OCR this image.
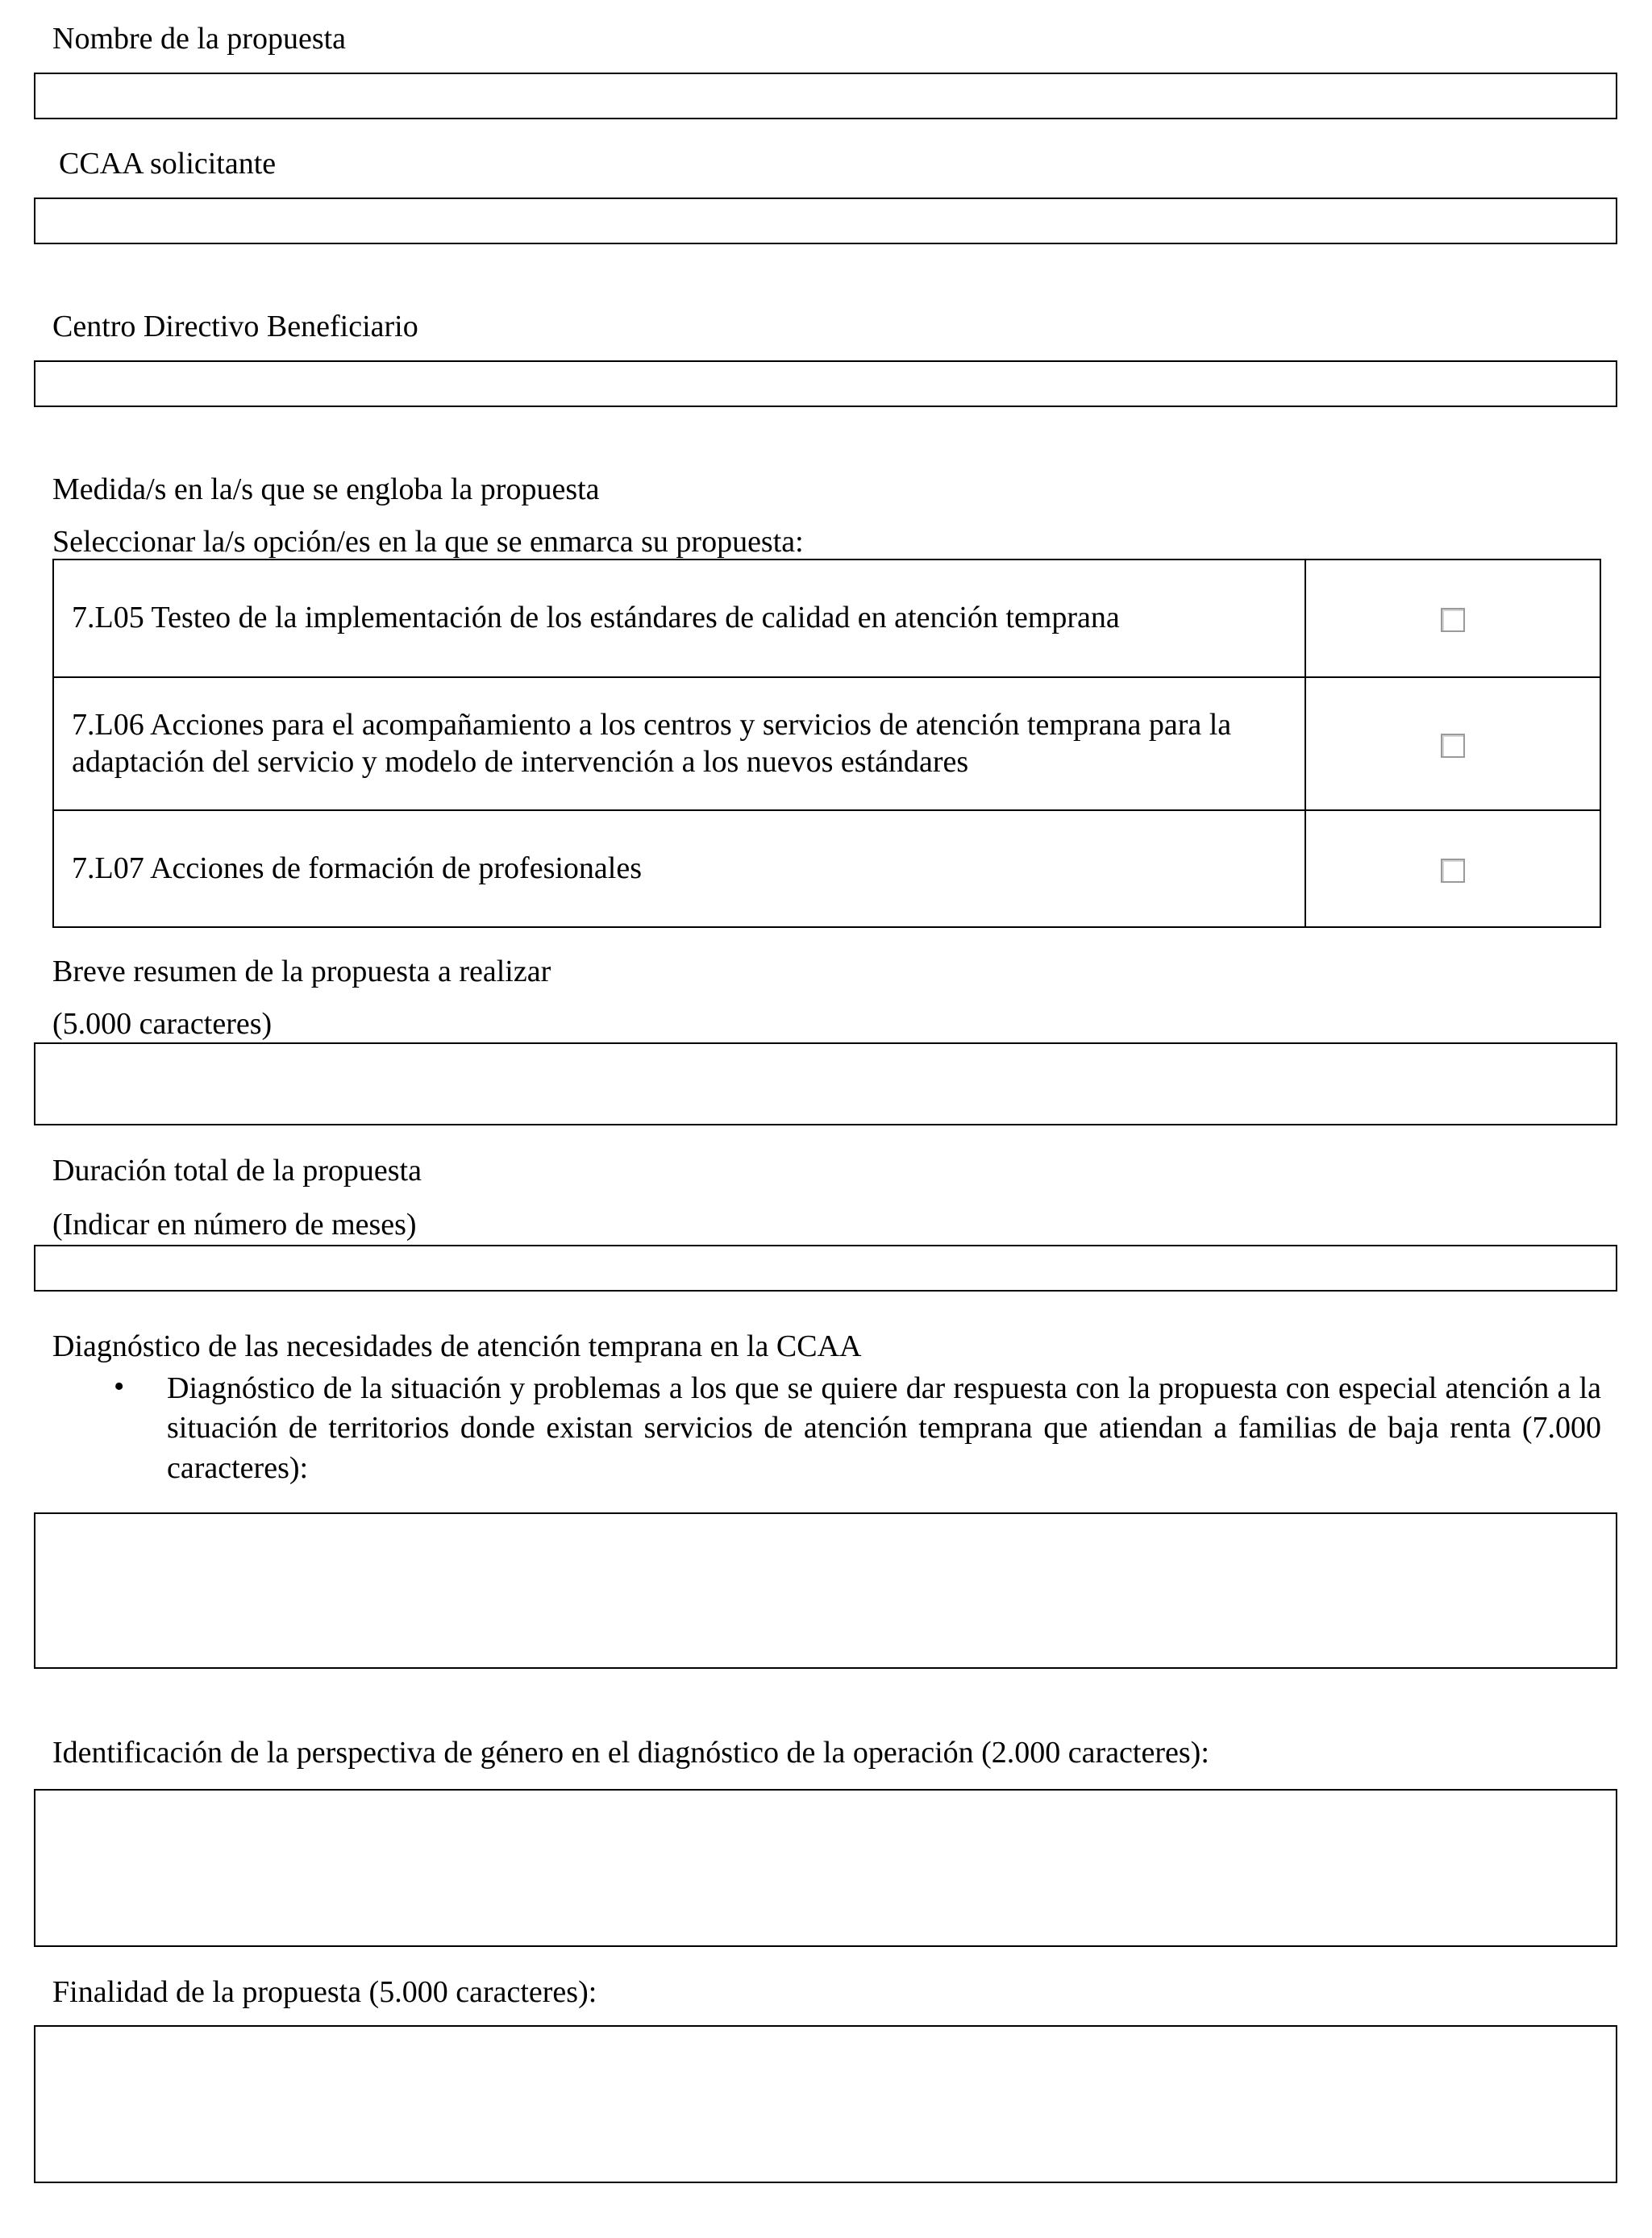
Nombre de la propuesta

CCAA solicitante

Centro Directivo Beneficiario

Medida/s en la/s que se engloba la propuesta

Seleccionar la/s opción/es en la que se enmarca su propuesta:

7.L05 Testeo de la implementación de los estándares de calidad en atención temprana	
7.L06 Acciones para el acompañamiento a los centros y servicios de atención temprana para la adaptación del servicio y modelo de intervención a los nuevos estándares	
7.L07 Acciones de formación de profesionales	

Breve resumen de la propuesta a realizar

(5.000 caracteres)

Duración total de la propuesta

(Indicar en número de meses)

Diagnóstico de las necesidades de atención temprana en la CCAA

• Diagnóstico de la situación y problemas a los que se quiere dar respuesta con la propuesta con especial atención a la situación de territorios donde existan servicios de atención temprana que atiendan a familias de baja renta (7.000 caracteres):

Identificación de la perspectiva de género en el diagnóstico de la operación (2.000 caracteres):

Finalidad de la propuesta (5.000 caracteres):
